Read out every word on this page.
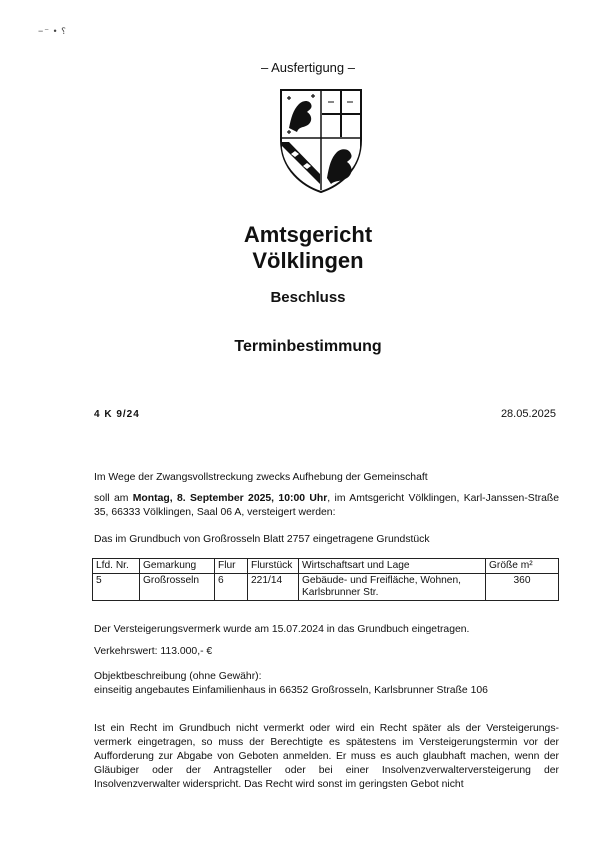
−⁻ • ⸮
– Ausfertigung –
Amtsgericht
Völklingen
Beschluss
Terminbestimmung
4 K 9/24	28.05.2025
Im Wege der Zwangsvollstreckung zwecks Aufhebung der Gemeinschaft
soll am Montag, 8. September 2025, 10:00 Uhr, im Amtsgericht Völklingen, Karl-Janssen-Straße 35, 66333 Völklingen, Saal 06 A, versteigert werden:
Das im Grundbuch von Großrosseln Blatt 2757 eingetragene Grundstück
Lfd. Nr.	Gemarkung	Flur	Flurstück	Wirtschaftsart und Lage	Größe m²
5	Großrosseln	6	221/14	Gebäude- und Freifläche, Wohnen, Karlsbrunner Str.	360
Der Versteigerungsvermerk wurde am 15.07.2024 in das Grundbuch eingetragen.
Verkehrswert: 113.000,- €
Objektbeschreibung (ohne Gewähr):
einseitig angebautes Einfamilienhaus in 66352 Großrosseln, Karlsbrunner Straße 106
Ist ein Recht im Grundbuch nicht vermerkt oder wird ein Recht später als der Versteigerungs-vermerk eingetragen, so muss der Berechtigte es spätestens im Versteigerungstermin vor der Aufforderung zur Abgabe von Geboten anmelden. Er muss es auch glaubhaft machen, wenn der Gläubiger oder der Antragsteller oder bei einer Insolvenzverwalterversteigerung der Insolvenzverwalter widerspricht. Das Recht wird sonst im geringsten Gebot nicht
